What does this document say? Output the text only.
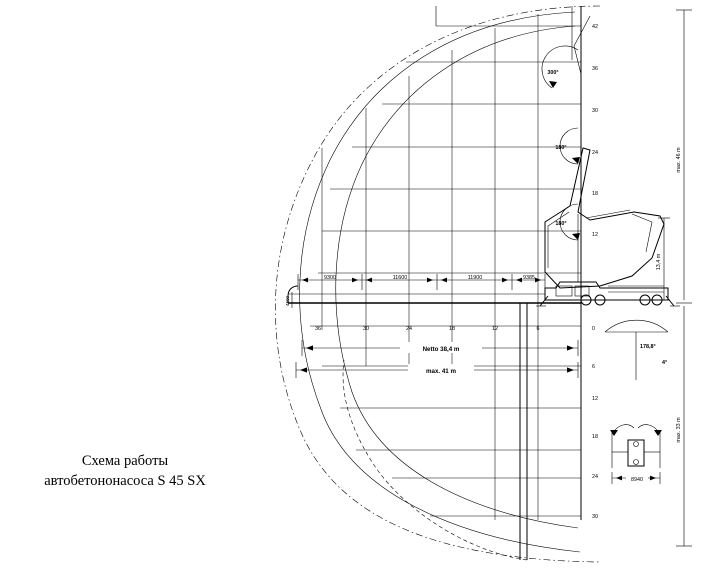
max. 46 m
max. 33 m
13,4 m
42
36
30
24
18
12
0
6
12
18
24
30
36	30	24	18	12	6
9300	11600	11900	9385
4500
Netto 38,4 m
max. 41 m
300°
180°
180°
178,8°
4°
8940
Схема работы
автобетононасоса S 45 SX
